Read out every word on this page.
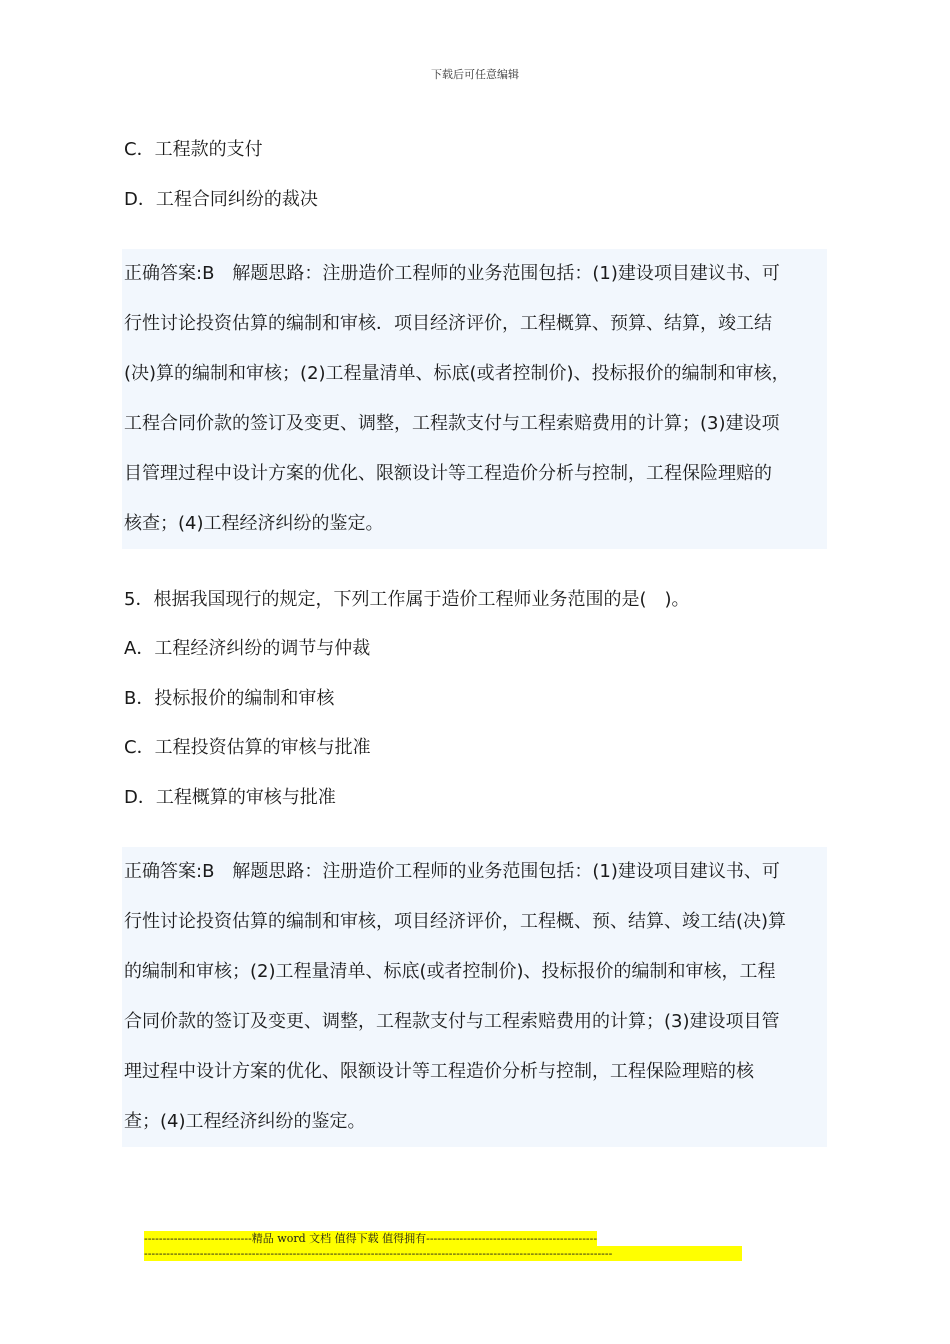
下载后可任意编辑
C．工程款的支付
D．工程合同纠纷的裁决

正确答案:B　解题思路：注册造价工程师的业务范围包括：(1)建设项目建议书、可

行性讨论投资估算的编制和审核．项目经济评价，工程概算、预算、结算，竣工结

(决)算的编制和审核；(2)工程量清单、标底(或者控制价)、投标报价的编制和审核，

工程合同价款的签订及变更、调整，工程款支付与工程索赔费用的计算；(3)建设项

目管理过程中设计方案的优化、限额设计等工程造价分析与控制，工程保险理赔的

核查；(4)工程经济纠纷的鉴定。

5．根据我国现行的规定，下列工作属于造价工程师业务范围的是(　)。
A．工程经济纠纷的调节与仲裁
B．投标报价的编制和审核
C．工程投资估算的审核与批准
D．工程概算的审核与批准

正确答案:B　解题思路：注册造价工程师的业务范围包括：(1)建设项目建议书、可

行性讨论投资估算的编制和审核，项目经济评价，工程概、预、结算、竣工结(决)算

的编制和审核；(2)工程量清单、标底(或者控制价)、投标报价的编制和审核，工程

合同价款的签订及变更、调整，工程款支付与工程索赔费用的计算；(3)建设项目管

理过程中设计方案的优化、限额设计等工程造价分析与控制，工程保险理赔的核

查；(4)工程经济纠纷的鉴定。

-----------------------------精品 word 文档 值得下载 值得拥有----------------------------------------------
------------------------------------------------------------------------------------------------------------------------------
